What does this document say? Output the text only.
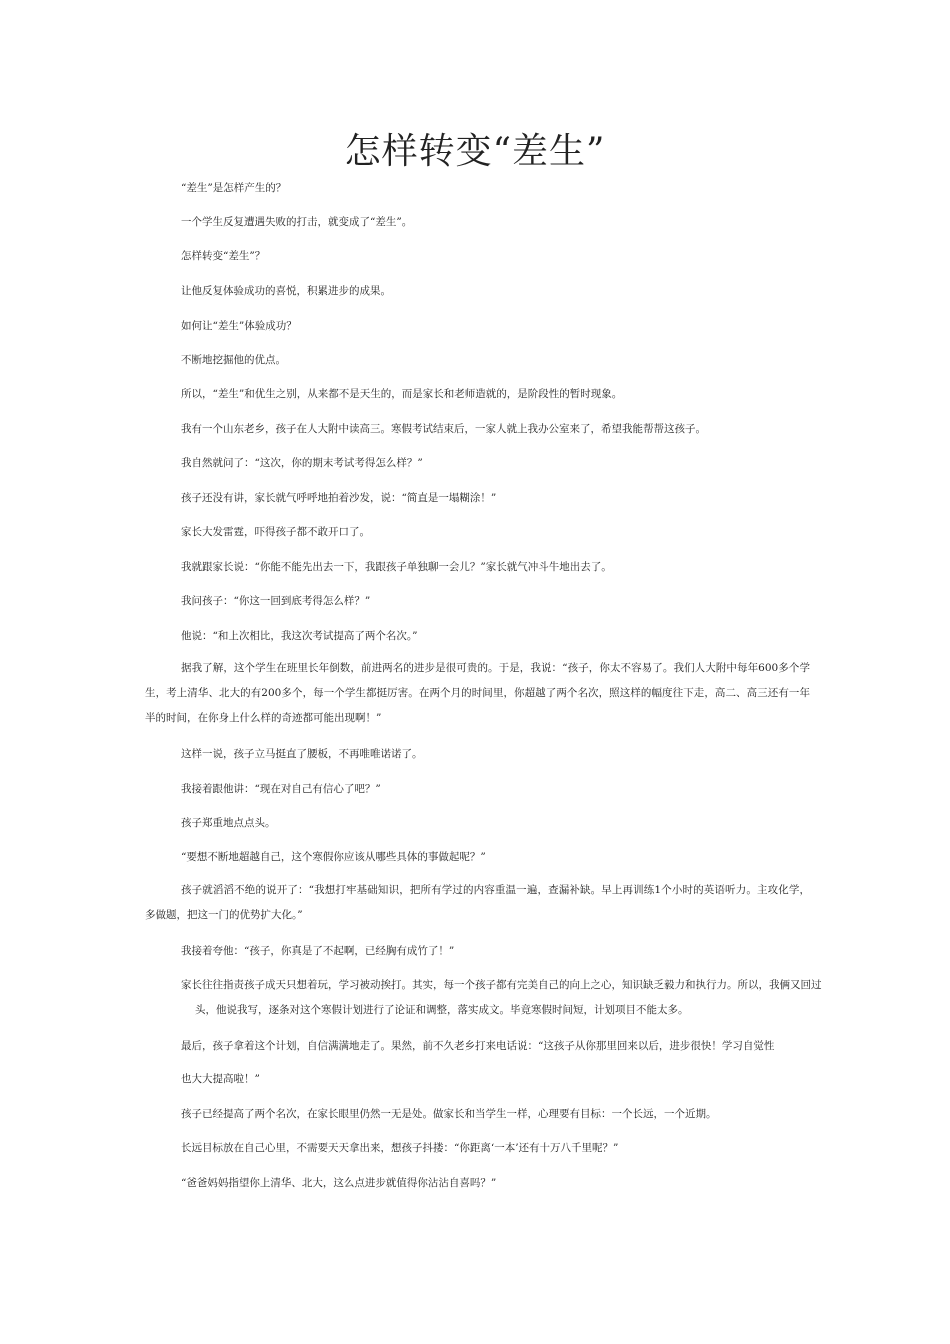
怎样转变“差生”
“差生”是怎样产生的？
一个学生反复遭遇失败的打击，就变成了“差生”。
怎样转变“差生”？
让他反复体验成功的喜悦，积累进步的成果。
如何让“差生”体验成功？
不断地挖掘他的优点。
所以，“差生”和优生之别，从来都不是天生的，而是家长和老师造就的，是阶段性的暂时现象。
我有一个山东老乡，孩子在人大附中读高三。寒假考试结束后，一家人就上我办公室来了，希望我能帮帮这孩子。
我自然就问了：“这次，你的期末考试考得怎么样？”
孩子还没有讲，家长就气呼呼地拍着沙发，说：“简直是一塌糊涂！”
家长大发雷霆，吓得孩子都不敢开口了。
我就跟家长说：“你能不能先出去一下，我跟孩子单独聊一会儿？”家长就气冲斗牛地出去了。
我问孩子：“你这一回到底考得怎么样？”
他说：“和上次相比，我这次考试提高了两个名次。”
据我了解，这个学生在班里长年倒数，前进两名的进步是很可贵的。于是，我说：“孩子，你太不容易了。我们人大附中每年600多个学生，考上清华、北大的有200多个，每一个学生都挺厉害。在两个月的时间里，你超越了两个名次，照这样的幅度往下走，高二、高三还有一年半的时间，在你身上什么样的奇迹都可能出现啊！”
这样一说，孩子立马挺直了腰板，不再唯唯诺诺了。
我接着跟他讲：“现在对自己有信心了吧？”
孩子郑重地点点头。
“要想不断地超越自己，这个寒假你应该从哪些具体的事做起呢？”
孩子就滔滔不绝的说开了：“我想打牢基础知识，把所有学过的内容重温一遍，查漏补缺。早上再训练1个小时的英语听力。主攻化学，多做题，把这一门的优势扩大化。”
我接着夸他：“孩子，你真是了不起啊，已经胸有成竹了！”
家长往往指责孩子成天只想着玩，学习被动挨打。其实，每一个孩子都有完美自己的向上之心，知识缺乏毅力和执行力。所以，我俩又回过头，他说我写，逐条对这个寒假计划进行了论证和调整，落实成文。毕竟寒假时间短，计划项目不能太多。
最后，孩子拿着这个计划，自信满满地走了。果然，前不久老乡打来电话说：“这孩子从你那里回来以后，进步很快！学习自觉性
也大大提高啦！”
孩子已经提高了两个名次，在家长眼里仍然一无是处。做家长和当学生一样，心理要有目标：一个长远，一个近期。
长远目标放在自己心里，不需要天天拿出来，想孩子抖搂：“你距离‘一本’还有十万八千里呢？”
“爸爸妈妈指望你上清华、北大，这么点进步就值得你沾沾自喜吗？”
